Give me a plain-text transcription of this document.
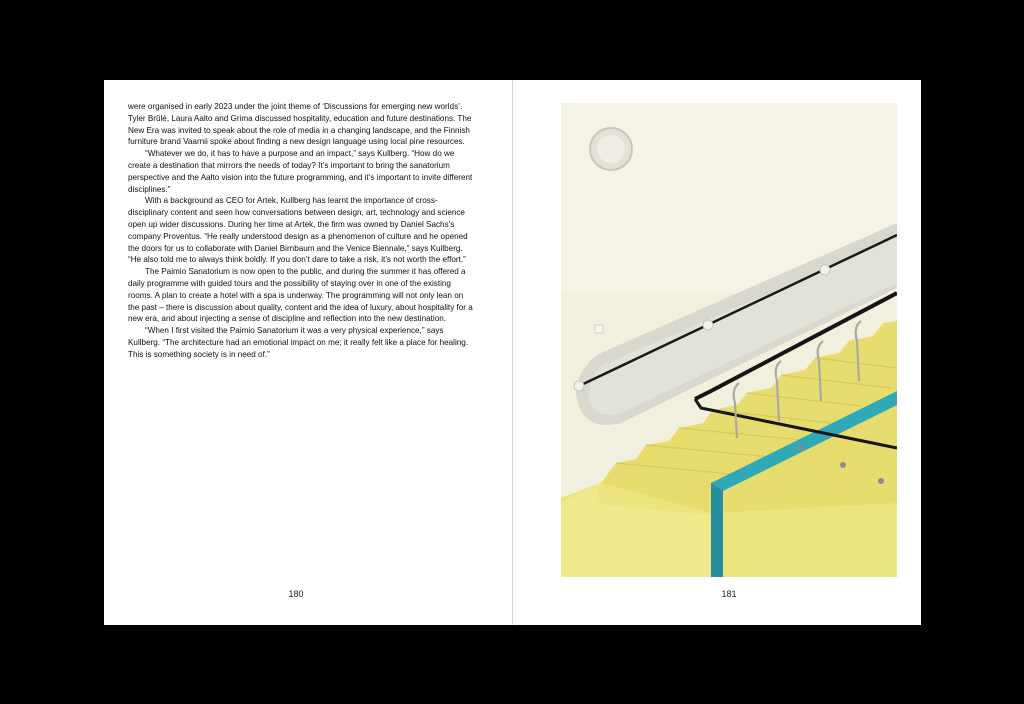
were organised in early 2023 under the joint theme of ‘Discussions for emerging new worlds’. Tyler Brûlé, Laura Aalto and Grima discussed hospitality, education and future destinations. The New Era was invited to speak about the role of media in a changing landscape, and the Finnish furniture brand Vaarnii spoke about finding a new design language using local pine resources.

“Whatever we do, it has to have a purpose and an impact,” says Kullberg. “How do we create a destination that mirrors the needs of today? It’s important to bring the sanatorium perspective and the Aalto vision into the future programming, and it’s important to invite different disciplines.”

With a background as CEO for Artek, Kullberg has learnt the importance of cross-disciplinary content and seen how conversations between design, art, technology and science open up wider discussions. During her time at Artek, the firm was owned by Daniel Sachs’s company Proventus. “He really understood design as a phenomenon of culture and he opened the doors for us to collaborate with Daniel Birnbaum and the Venice Biennale,” says Kullberg. “He also told me to always think boldly. If you don’t dare to take a risk, it’s not worth the effort.”

The Paimio Sanatorium is now open to the public, and during the summer it has offered a daily programme with guided tours and the possibility of staying over in one of the existing rooms. A plan to create a hotel with a spa is underway. The programming will not only lean on the past – there is discussion about quality, content and the idea of luxury, about hospitality for a new era, and about injecting a sense of discipline and reflection into the new destination.

“When I first visited the Paimio Sanatorium it was a very physical experience,” says Kullberg. “The architecture had an emotional impact on me; it really felt like a place for healing. This is something society is in need of.”

180	181
